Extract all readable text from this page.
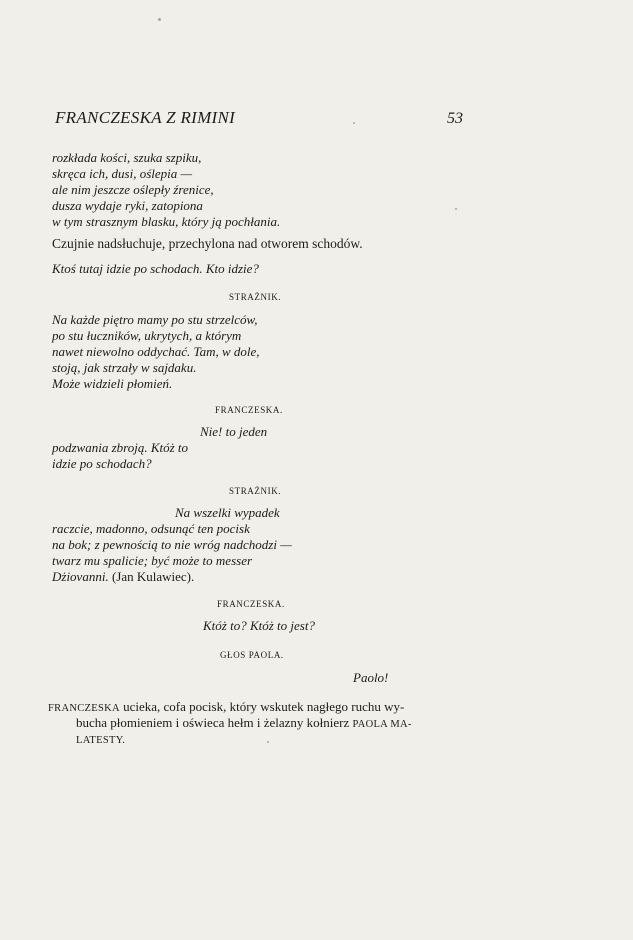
FRANCZESKA Z RIMINI	53
rozkłada kości, szuka szpiku,
skręca ich, dusi, oślepia —
ale nim jeszcze oślepły źrenice,
dusza wydaje ryki, zatopiona
w tym strasznym blasku, który ją pochłania.
Czujnie nadsłuchuje, przechylona nad otworem schodów.
Ktoś tutaj idzie po schodach. Kto idzie?
STRAŻNIK.
Na każde piętro mamy po stu strzelców,
po stu łuczników, ukrytych, a którym
nawet niewolno oddychać. Tam, w dole,
stoją, jak strzały w sajdaku.
Może widzieli płomień.
FRANCZESKA.
Nie! to jeden
podzwania zbroją. Któż to
idzie po schodach?
STRAŻNIK.
Na wszelki wypadek
raczcie, madonno, odsunąć ten pocisk
na bok; z pewnością to nie wróg nadchodzi —
twarz mu spalicie; być może to messer
Dżiovanni. (Jan Kulawiec).
FRANCZESKA.
Któż to? Któż to jest?
GŁOS PAOLA.
Paolo!
FRANCZESKA ucieka, cofa pocisk, który wskutek nagłego ruchu wy-
bucha płomieniem i oświeca hełm i żelazny kołnierz PAOLA MA-
LATESTY.
